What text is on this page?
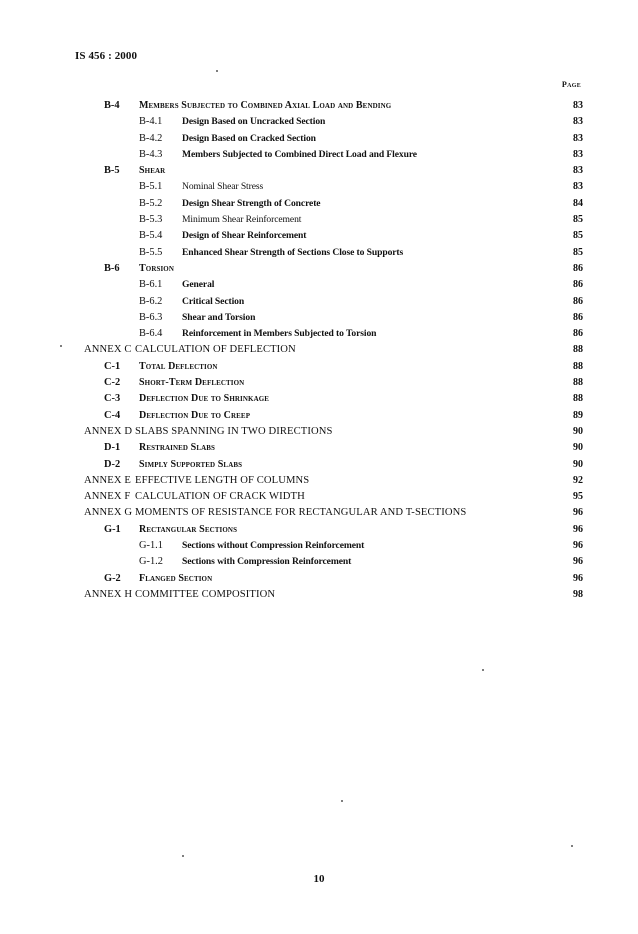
IS 456 : 2000
Page
B-4 Members Subjected to Combined Axial Load and Bending	83
B-4.1 Design Based on Uncracked Section	83
B-4.2 Design Based on Cracked Section	83
B-4.3 Members Subjected to Combined Direct Load and Flexure	83
B-5 Shear	83
B-5.1 Nominal Shear Stress	83
B-5.2 Design Shear Strength of Concrete	84
B-5.3 Minimum Shear Reinforcement	85
B-5.4 Design of Shear Reinforcement	85
B-5.5 Enhanced Shear Strength of Sections Close to Supports	85
B-6 Torsion	86
B-6.1 General	86
B-6.2 Critical Section	86
B-6.3 Shear and Torsion	86
B-6.4 Reinforcement in Members Subjected to Torsion	86
ANNEX C CALCULATION OF DEFLECTION	88
C-1 Total Deflection	88
C-2 Short-Term Deflection	88
C-3 Deflection Due to Shrinkage	88
C-4 Deflection Due to Creep	89
ANNEX D SLABS SPANNING IN TWO DIRECTIONS	90
D-1 Restrained Slabs	90
D-2 Simply Supported Slabs	90
ANNEX E EFFECTIVE LENGTH OF COLUMNS	92
ANNEX F CALCULATION OF CRACK WIDTH	95
ANNEX G MOMENTS OF RESISTANCE FOR RECTANGULAR AND T-SECTIONS	96
G-1 Rectangular Sections	96
G-1.1 Sections without Compression Reinforcement	96
G-1.2 Sections with Compression Reinforcement	96
G-2 Flanged Section	96
ANNEX H COMMITTEE COMPOSITION	98
10
